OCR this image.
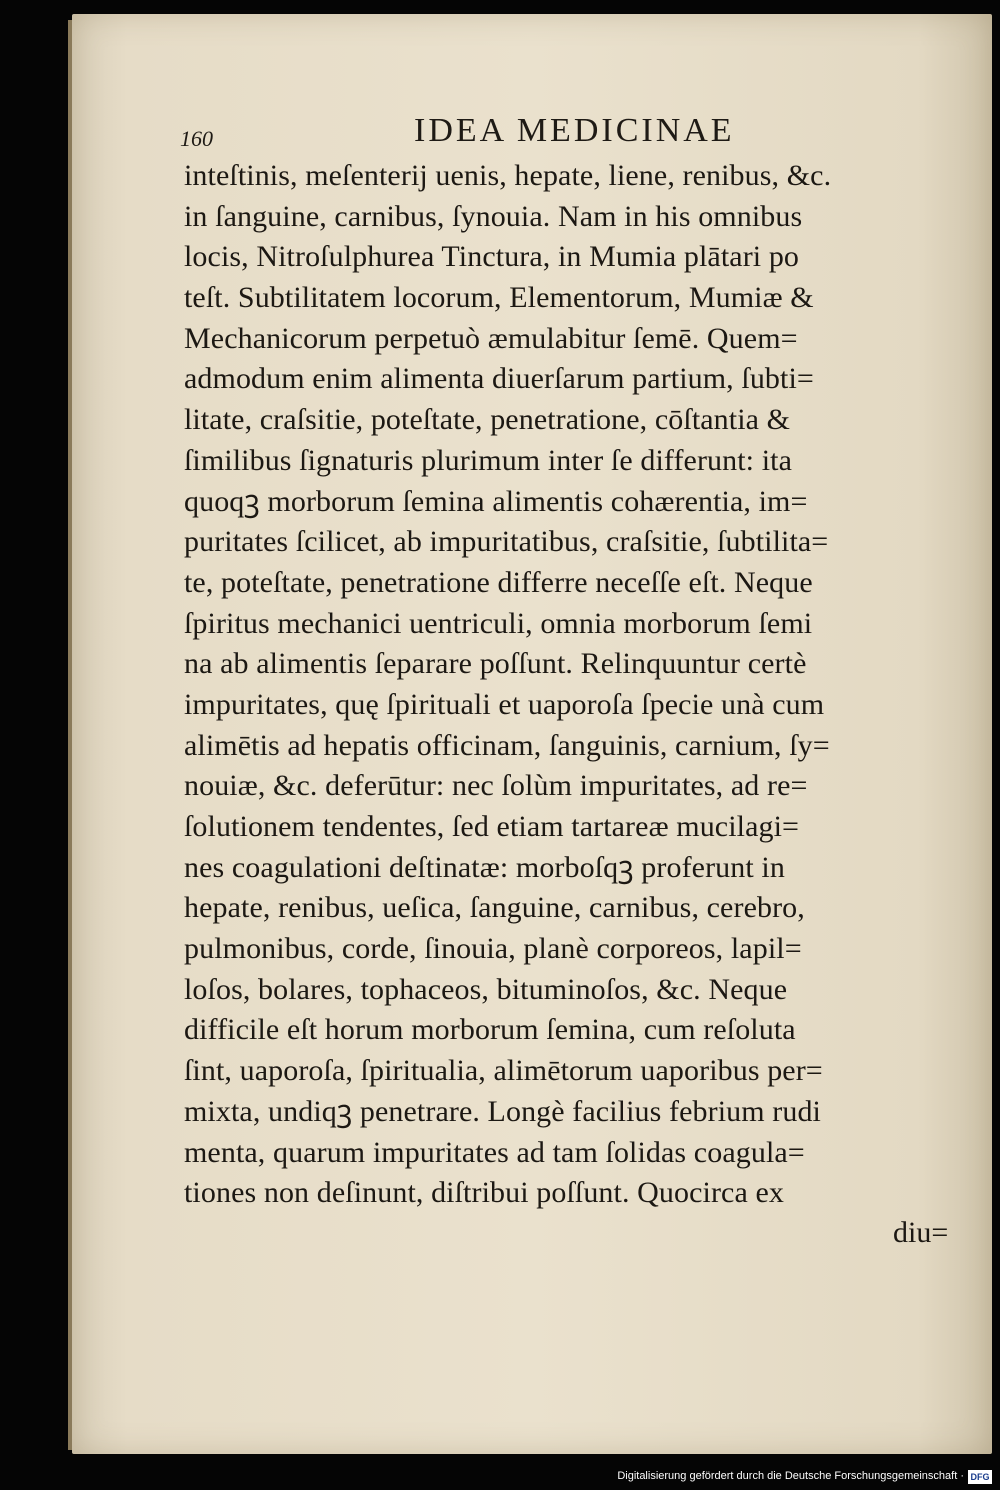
160	IDEA MEDICINAE
inteſtinis, meſenterij uenis, hepate, liene, renibus, &c.
in ſanguine, carnibus, ſynouia. Nam in his omnibus
locis, Nitroſulphurea Tinctura, in Mumia plātari po
teſt. Subtilitatem locorum, Elementorum, Mumiæ &
Mechanicorum perpetuò æmulabitur ſemē. Quem=
admodum enim alimenta diuerſarum partium, ſubti=
litate, craſsitie, poteſtate, penetratione, cōſtantia &
ſimilibus ſignaturis plurimum inter ſe differunt: ita
quoqꝫ morborum ſemina alimentis cohærentia, im=
puritates ſcilicet, ab impuritatibus, craſsitie, ſubtilita=
te, poteſtate, penetratione differre neceſſe eſt. Neque
ſpiritus mechanici uentriculi, omnia morborum ſemi
na ab alimentis ſeparare poſſunt. Relinquuntur certè
impuritates, quę ſpirituali et uaporoſa ſpecie unà cum
alimētis ad hepatis officinam, ſanguinis, carnium, ſy=
nouiæ, &c. deferūtur: nec ſolùm impuritates, ad re=
ſolutionem tendentes, ſed etiam tartareæ mucilagi=
nes coagulationi deſtinatæ: morboſqꝫ proferunt in
hepate, renibus, ueſica, ſanguine, carnibus, cerebro,
pulmonibus, corde, ſinouia, planè corporeos, lapil=
loſos, bolares, tophaceos, bituminoſos, &c. Neque
difficile eſt horum morborum ſemina, cum reſoluta
ſint, uaporoſa, ſpiritualia, alimētorum uaporibus per=
mixta, undiqꝫ penetrare. Longè facilius febrium rudi
menta, quarum impuritates ad tam ſolidas coagula=
tiones non deſinunt, diſtribui poſſunt. Quocirca ex
diu=
Digitalisierung gefördert durch die Deutsche Forschungsgemeinschaft · DFG
